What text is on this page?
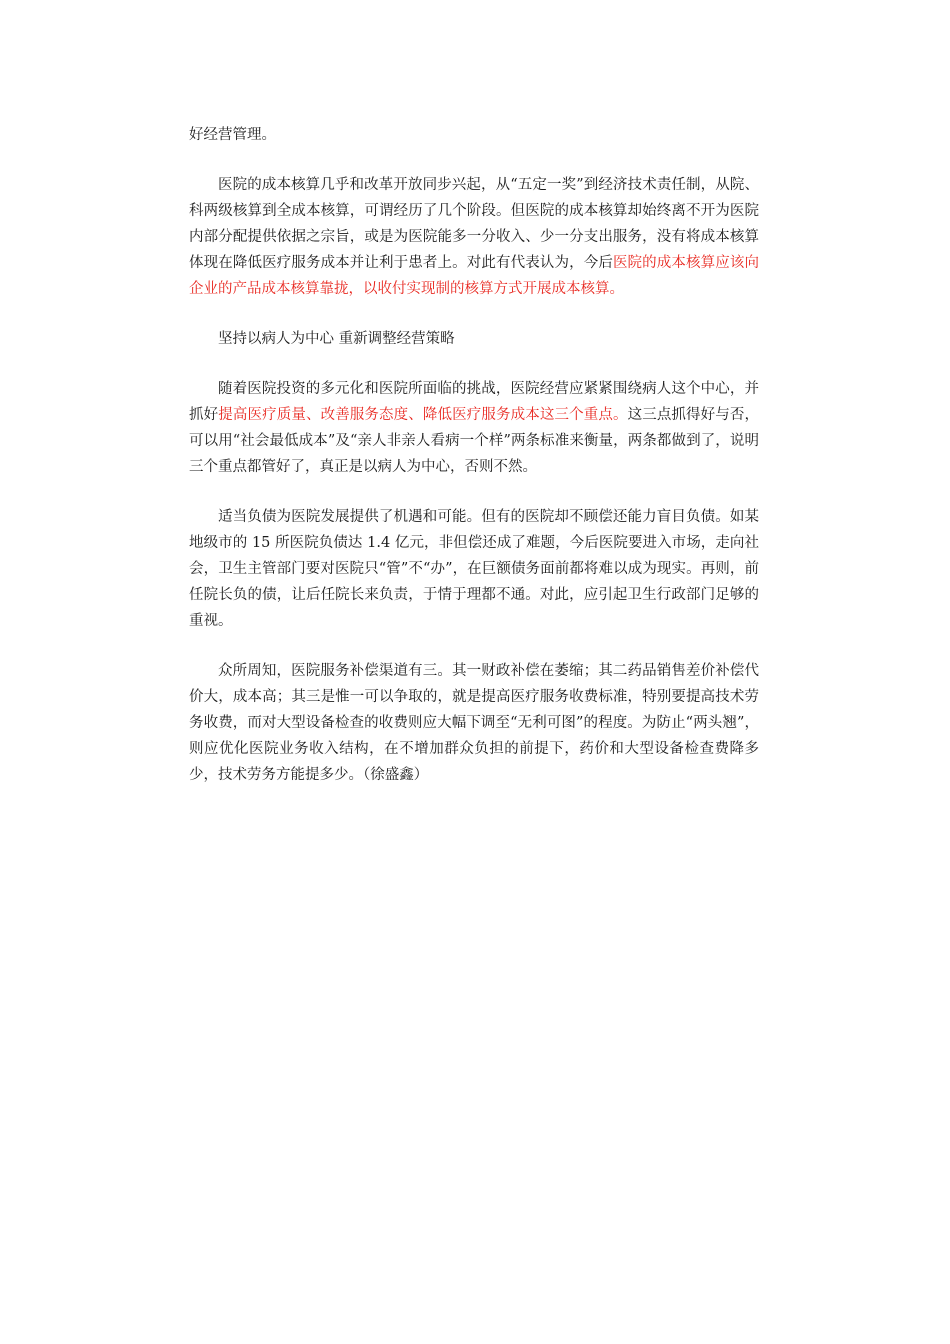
好经营管理。

医院的成本核算几乎和改革开放同步兴起，从“五定一奖”到经济技术责任制，从院、科两级核算到全成本核算，可谓经历了几个阶段。但医院的成本核算却始终离不开为医院内部分配提供依据之宗旨，或是为医院能多一分收入、少一分支出服务，没有将成本核算体现在降低医疗服务成本并让利于患者上。对此有代表认为，今后医院的成本核算应该向企业的产品成本核算靠拢，以收付实现制的核算方式开展成本核算。

坚持以病人为中心 重新调整经营策略

随着医院投资的多元化和医院所面临的挑战，医院经营应紧紧围绕病人这个中心，并抓好提高医疗质量、改善服务态度、降低医疗服务成本这三个重点。这三点抓得好与否，可以用“社会最低成本”及“亲人非亲人看病一个样”两条标准来衡量，两条都做到了，说明三个重点都管好了，真正是以病人为中心，否则不然。

适当负债为医院发展提供了机遇和可能。但有的医院却不顾偿还能力盲目负债。如某地级市的 15 所医院负债达 1.4 亿元，非但偿还成了难题，今后医院要进入市场，走向社会，卫生主管部门要对医院只“管”不“办”，在巨额债务面前都将难以成为现实。再则，前任院长负的债，让后任院长来负责，于情于理都不通。对此，应引起卫生行政部门足够的重视。

众所周知，医院服务补偿渠道有三。其一财政补偿在萎缩；其二药品销售差价补偿代价大，成本高；其三是惟一可以争取的，就是提高医疗服务收费标准，特别要提高技术劳务收费，而对大型设备检查的收费则应大幅下调至“无利可图”的程度。为防止“两头翘”，则应优化医院业务收入结构，在不增加群众负担的前提下，药价和大型设备检查费降多少，技术劳务方能提多少。（徐盛鑫）
